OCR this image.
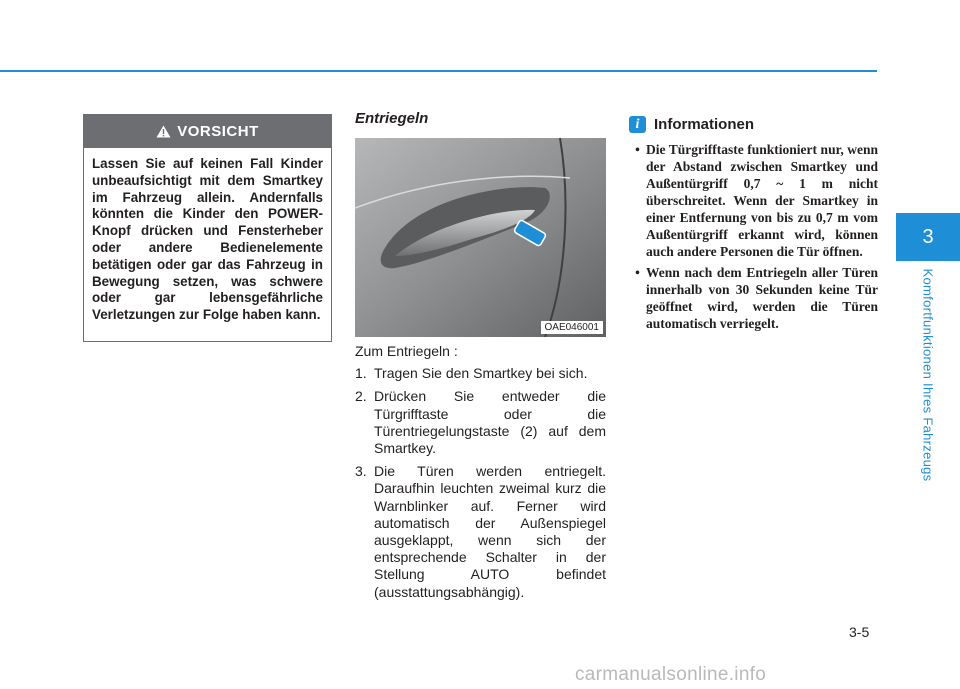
VORSICHT
Lassen Sie auf keinen Fall Kinder unbeaufsichtigt mit dem Smartkey im Fahrzeug allein. Andernfalls könnten die Kinder den POWER-Knopf drücken und Fensterheber oder andere Bedienelemente betätigen oder gar das Fahrzeug in Bewegung setzen, was schwere oder gar lebensgefährliche Verletzungen zur Folge haben kann.
Entriegeln
OAE046001

Zum Entriegeln :

1. Tragen Sie den Smartkey bei sich.
2. Drücken Sie entweder die Türgrifftaste oder die Türentriegelungstaste (2) auf dem Smartkey.
3. Die Türen werden entriegelt. Daraufhin leuchten zweimal kurz die Warnblinker auf. Ferner wird automatisch der Außenspiegel ausgeklappt, wenn sich der entsprechende Schalter in der Stellung AUTO befindet (ausstattungsabhängig).
i Informationen
• Die Türgrifftaste funktioniert nur, wenn der Abstand zwischen Smartkey und Außentürgriff 0,7 ~ 1 m nicht überschreitet. Wenn der Smartkey in einer Entfernung von bis zu 0,7 m vom Außentürgriff erkannt wird, können auch andere Personen die Tür öffnen.
• Wenn nach dem Entriegeln aller Türen innerhalb von 30 Sekunden keine Tür geöffnet wird, werden die Türen automatisch verriegelt.
3
Komfortfunktionen Ihres Fahrzeugs
3-5
carmanualsonline.info
